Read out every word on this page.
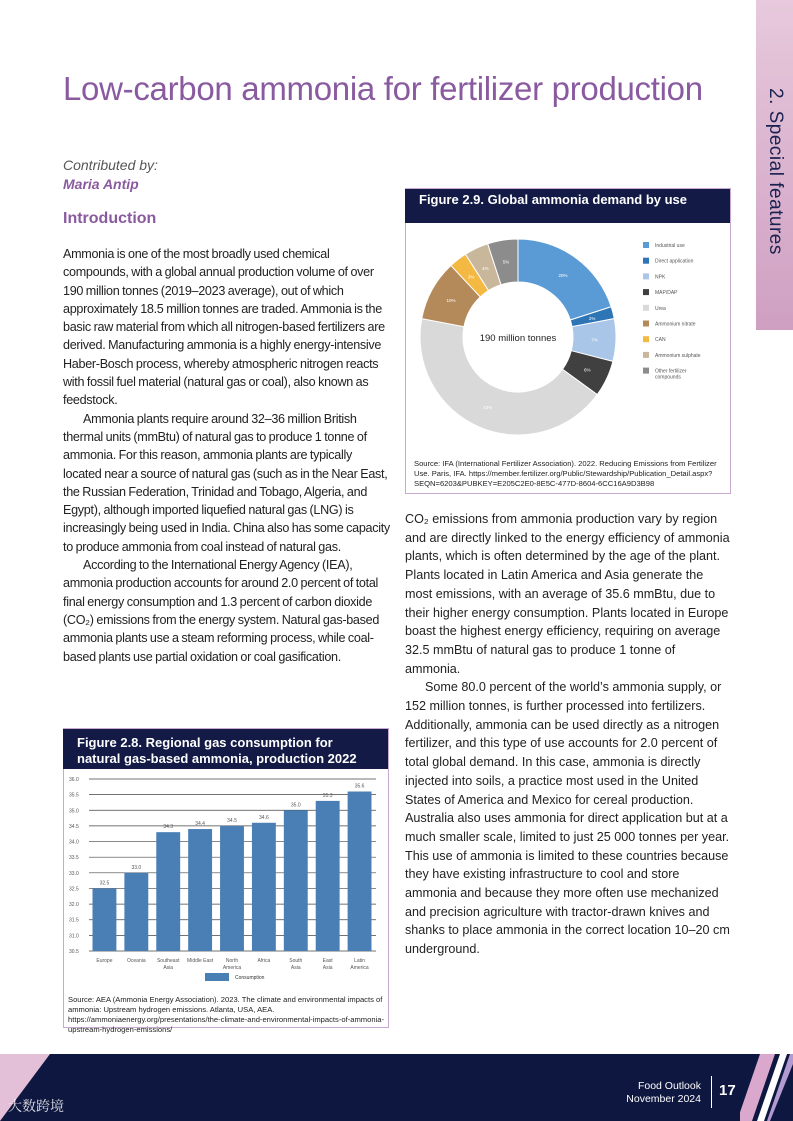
Low-carbon ammonia for fertilizer production	2. Special features
Contributed by:
Maria Antip
Introduction

Ammonia is one of the most broadly used chemical compounds, with a global annual production volume of over 190 million tonnes (2019–2023 average), out of which approximately 18.5 million tonnes are traded. Ammonia is the basic raw material from which all nitrogen-based fertilizers are derived. Manufacturing ammonia is a highly energy-intensive Haber-Bosch process, whereby atmospheric nitrogen reacts with fossil fuel material (natural gas or coal), also known as feedstock.

Ammonia plants require around 32–36 million British thermal units (mmBtu) of natural gas to produce 1 tonne of ammonia. For this reason, ammonia plants are typically located near a source of natural gas (such as in the Near East, the Russian Federation, Trinidad and Tobago, Algeria, and Egypt), although imported liquefied natural gas (LNG) is increasingly being used in India. China also has some capacity to produce ammonia from coal instead of natural gas.

According to the International Energy Agency (IEA), ammonia production accounts for around 2.0 percent of total final energy consumption and 1.3 percent of carbon dioxide (CO₂) emissions from the energy system. Natural gas-based ammonia plants use a steam reforming process, while coal-based plants use partial oxidation or coal gasification.

CO₂ emissions from ammonia production vary by region and are directly linked to the energy efficiency of ammonia plants, which is often determined by the age of the plant. Plants located in Latin America and Asia generate the most emissions, with an average of 35.6 mmBtu, due to their higher energy consumption. Plants located in Europe boast the highest energy efficiency, requiring on average 32.5 mmBtu of natural gas to produce 1 tonne of ammonia.

Some 80.0 percent of the world’s ammonia supply, or 152 million tonnes, is further processed into fertilizers. Additionally, ammonia can be used directly as a nitrogen fertilizer, and this type of use accounts for 2.0 percent of total global demand. In this case, ammonia is directly injected into soils, a practice most used in the United States of America and Mexico for cereal production. Australia also uses ammonia for direct application but at a much smaller scale, limited to just 25 000 tonnes per year. This use of ammonia is limited to these countries because they have existing infrastructure to cool and store ammonia and because they more often use mechanized and precision agriculture with tractor-drawn knives and shanks to place ammonia in the correct location 10–20 cm underground.

Figure 2.9. Global ammonia demand by use
20%
2%
7%
6%
43%
10%
3%
4%
5%
190 million tonnes
Industrial use
Direct application
NPK
MAP/DAP
Urea
Ammonium nitrate
CAN
Ammonium sulphate
Other fertilizer
compounds
Source: IFA (International Fertilizer Association). 2022. Reducing Emissions from Fertilizer Use. Paris, IFA. https://member.fertilizer.org/Public/Stewardship/Publication_Detail.aspx?SEQN=6203&PUBKEY=E205C2E0-8E5C-477D-8604-6CC16A9D3B98
Figure 2.8. Regional gas consumption for natural gas-based ammonia, production 2022
36.0
35.5
35.0
34.5
34.0
33.5
33.0
32.5
32.0
31.5
31.0
30.5
32.5
Europe
33.0
Oceania
34.3
Southeast
Asia
34.4
Middle East
34.5
North
America
34.6
Africa
35.0
South
Asia
35.3
East
Asia
35.6
Latin
America
Consumption
Source: AEA (Ammonia Energy Association). 2023. The climate and environmental impacts of ammonia: Upstream hydrogen emissions. Atlanta, USA, AEA. https://ammoniaenergy.org/presentations/the-climate-and-environmental-impacts-of-ammonia-upstream-hydrogen-emissions/
Food Outlook
November 2024 17
大数跨境
